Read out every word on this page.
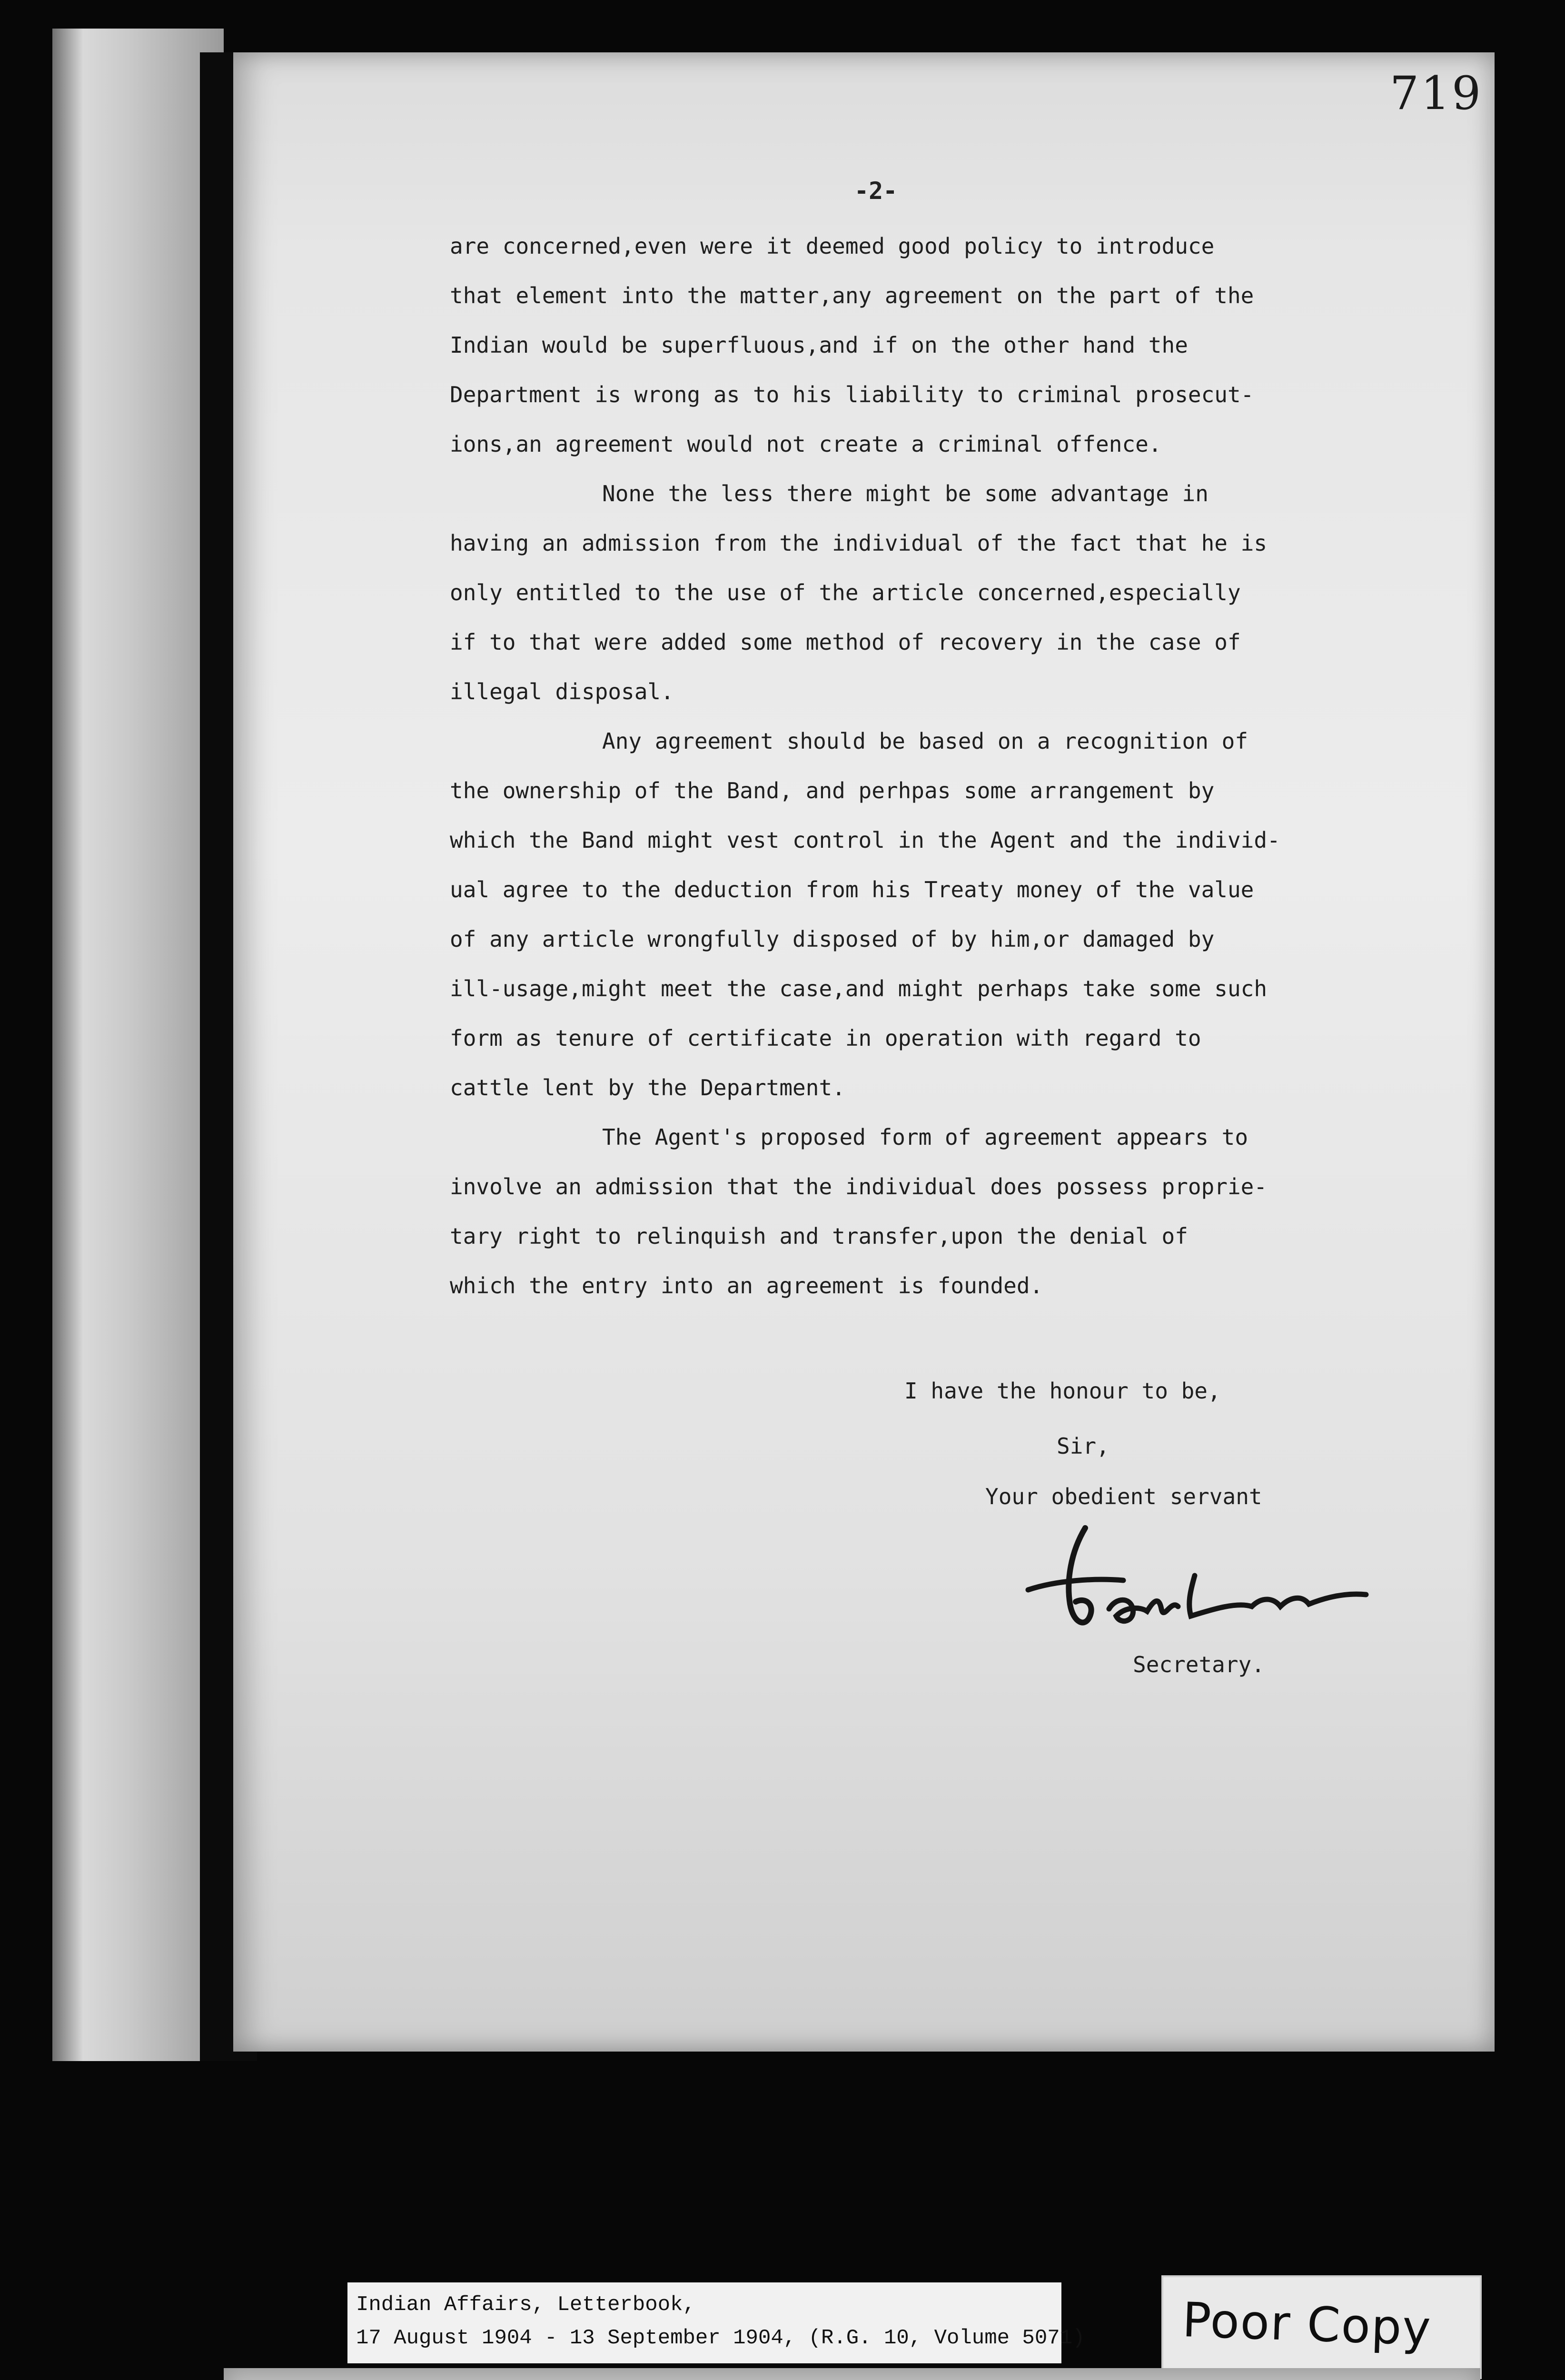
719
-2-
are concerned,even were it deemed good policy to introduce
that element into the matter,any agreement on the part of the
Indian would be superfluous,and if on the other hand the
Department is wrong as to his liability to criminal prosecut-
ions,an agreement would not create a criminal offence.
None the less there might be some advantage in
having an admission from the individual of the fact that he is
only entitled to the use of the article concerned,especially
if to that were added some method of recovery in the case of
illegal disposal.
Any agreement should be based on a recognition of
the ownership of the Band, and perhpas some arrangement by
which the Band might vest control in the Agent and the individ-
ual agree to the deduction from his Treaty money of the value
of any article wrongfully disposed of by him,or damaged by
ill-usage,might meet the case,and might perhaps take some such
form as tenure of certificate in operation with regard to
cattle lent by the Department.
The Agent's proposed form of agreement appears to
involve an admission that the individual does possess proprie-
tary right to relinquish and transfer,upon the denial of
which the entry into an agreement is founded.
I have the honour to be,
Sir,
Your obedient servant
Secretary.
Indian Affairs, Letterbook,
17 August 1904 - 13 September 1904, (R.G. 10, Volume 5071) Poor Copy
